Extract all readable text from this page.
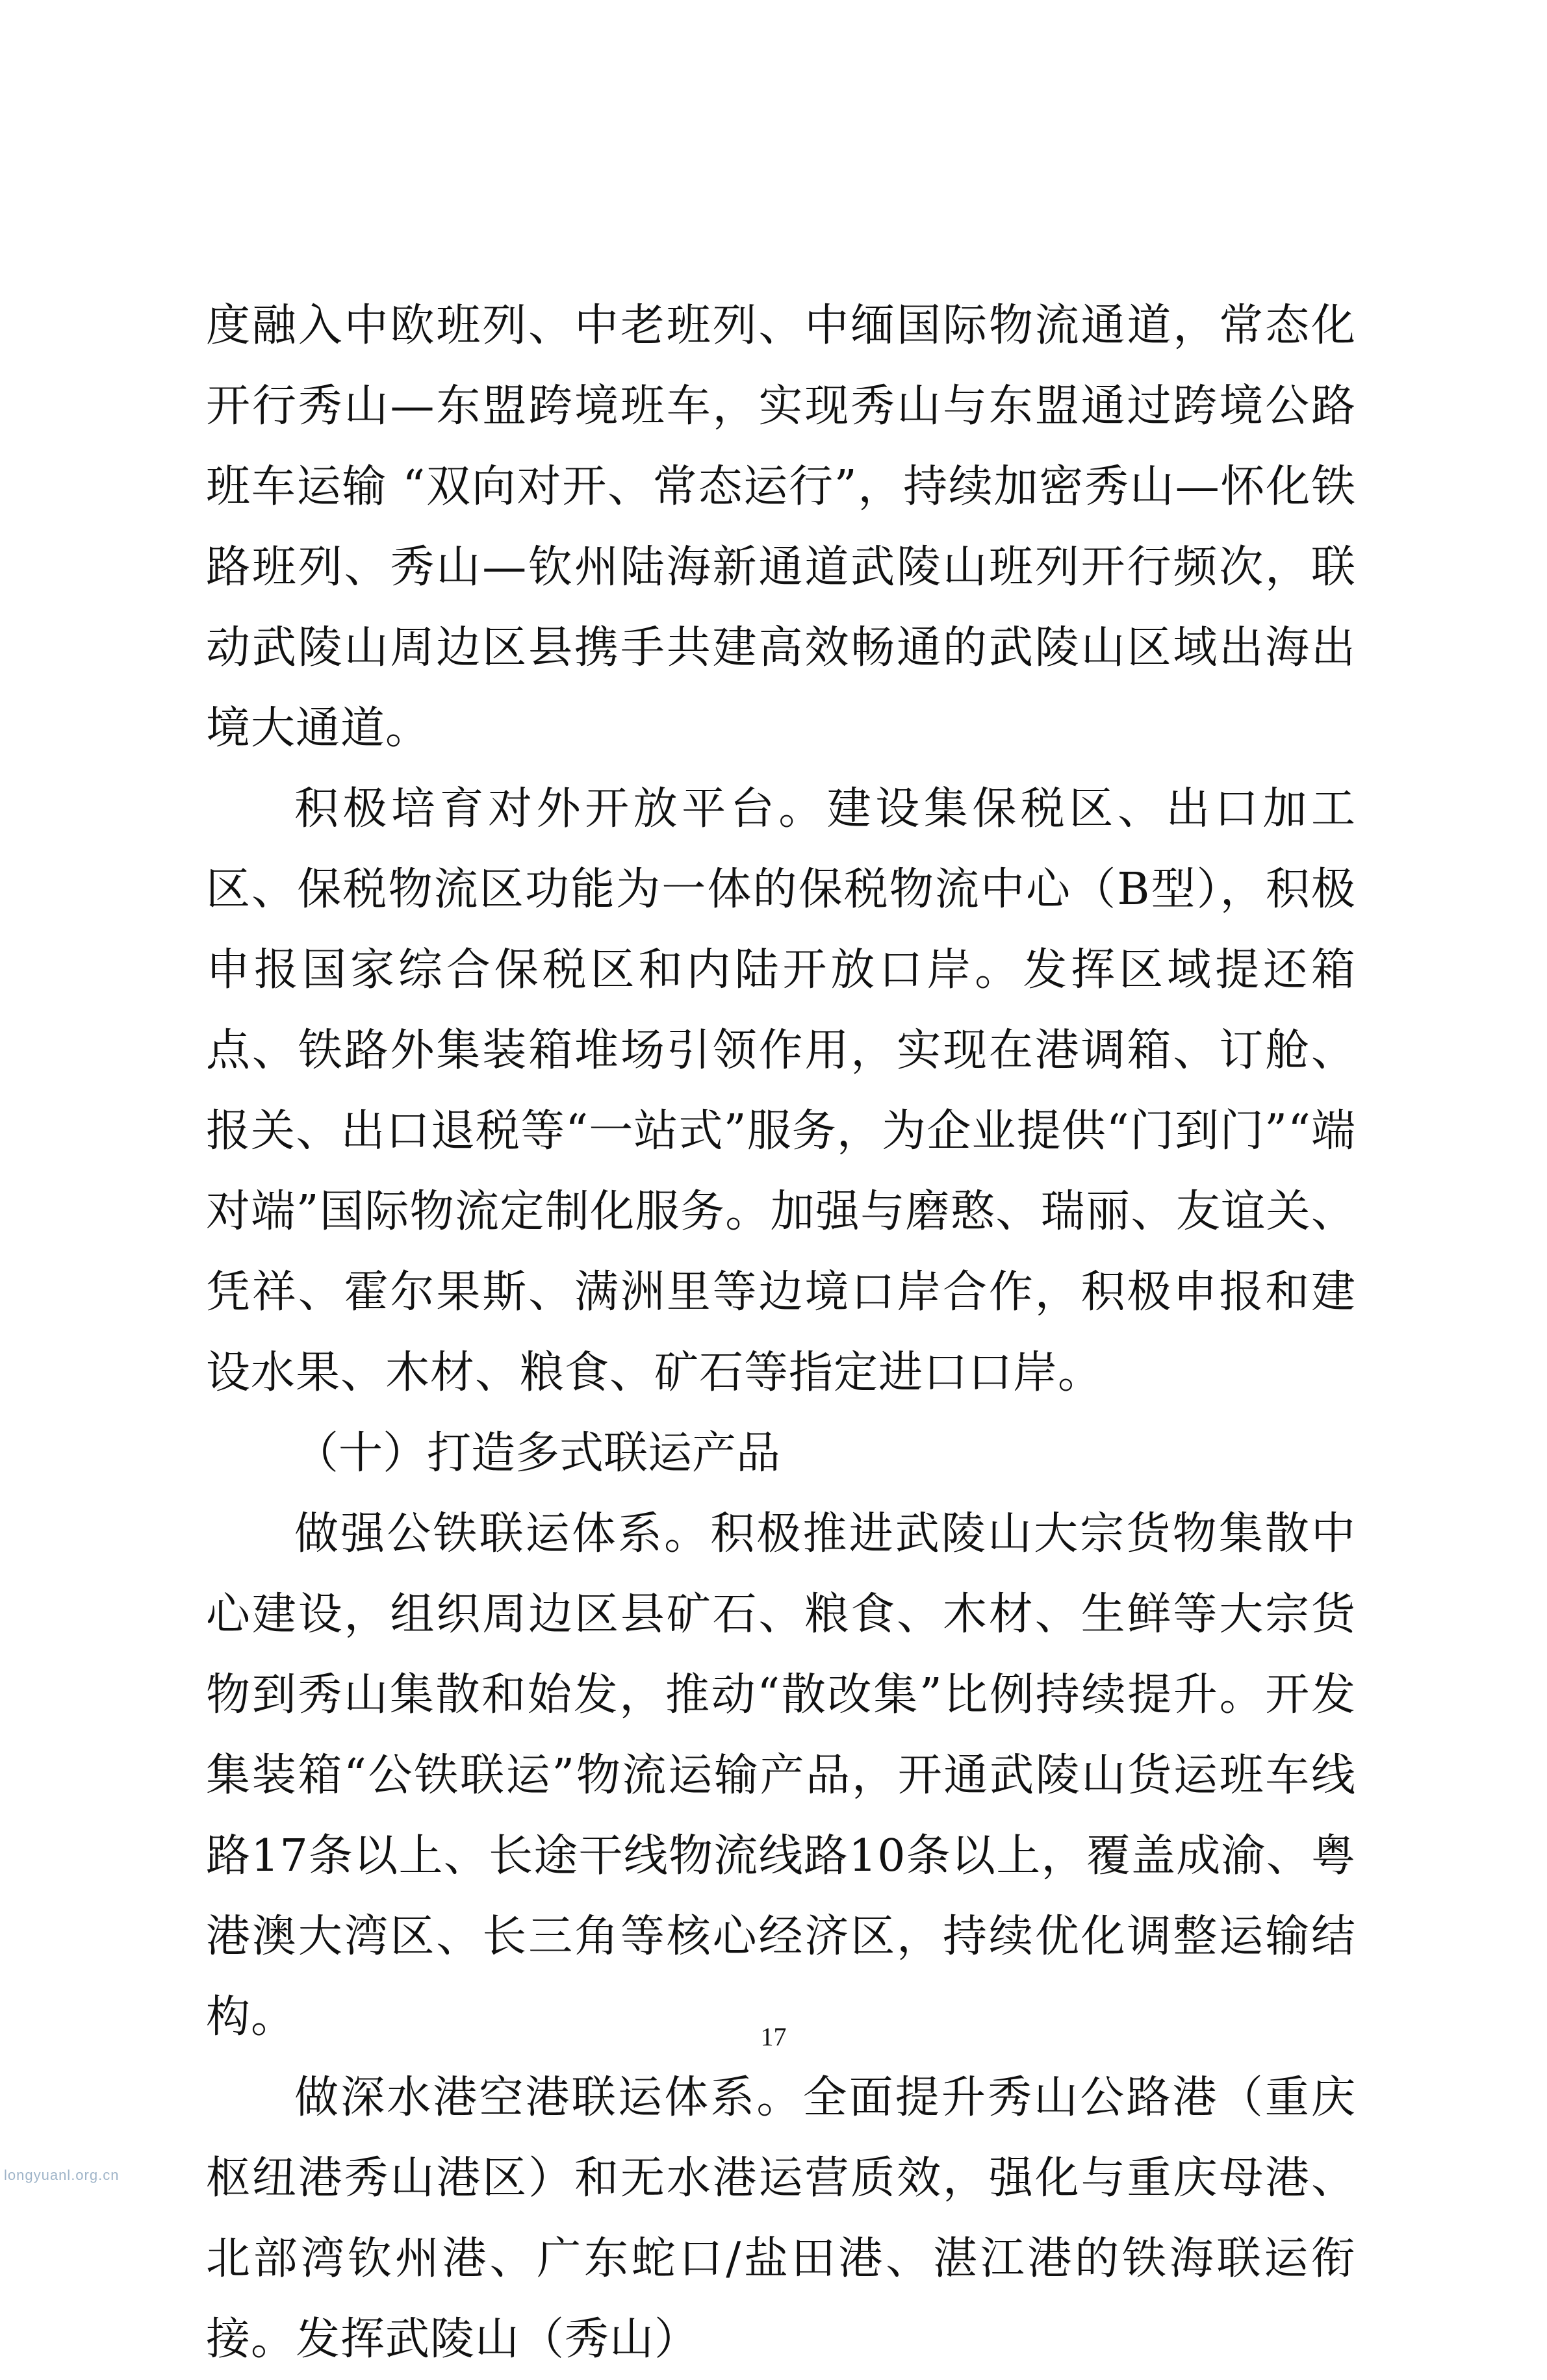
度融入中欧班列、中老班列、中缅国际物流通道，常态化开行秀山—东盟跨境班车，实现秀山与东盟通过跨境公路班车运输 “双向对开、常态运行”，持续加密秀山—怀化铁路班列、秀山—钦州陆海新通道武陵山班列开行频次，联动武陵山周边区县携手共建高效畅通的武陵山区域出海出境大通道。

积极培育对外开放平台。建设集保税区、出口加工区、保税物流区功能为一体的保税物流中心（B型），积极申报国家综合保税区和内陆开放口岸。发挥区域提还箱点、铁路外集装箱堆场引领作用，实现在港调箱、订舱、报关、出口退税等“一站式”服务，为企业提供“门到门”“端对端”国际物流定制化服务。加强与磨憨、瑞丽、友谊关、凭祥、霍尔果斯、满洲里等边境口岸合作，积极申报和建设水果、木材、粮食、矿石等指定进口口岸。

（十）打造多式联运产品

做强公铁联运体系。积极推进武陵山大宗货物集散中心建设，组织周边区县矿石、粮食、木材、生鲜等大宗货物到秀山集散和始发，推动“散改集”比例持续提升。开发集装箱“公铁联运”物流运输产品，开通武陵山货运班车线路17条以上、长途干线物流线路10条以上，覆盖成渝、粤港澳大湾区、长三角等核心经济区，持续优化调整运输结构。

做深水港空港联运体系。全面提升秀山公路港（重庆枢纽港秀山港区）和无水港运营质效，强化与重庆母港、北部湾钦州港、广东蛇口/盐田港、湛江港的铁海联运衔接。发挥武陵山（秀山）

17
longyuanl.org.cn
